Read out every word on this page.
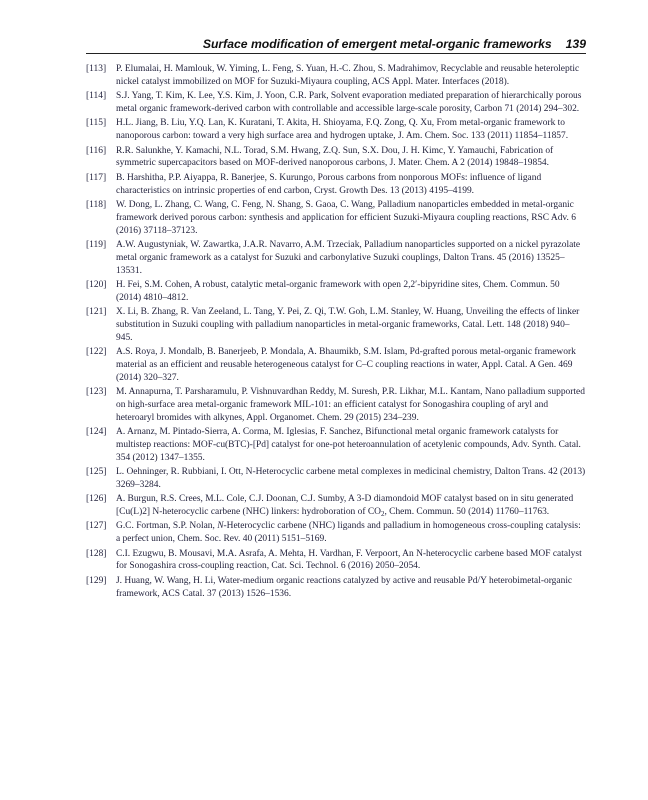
Surface modification of emergent metal-organic frameworks 139
[113] P. Elumalai, H. Mamlouk, W. Yiming, L. Feng, S. Yuan, H.-C. Zhou, S. Madrahimov, Recyclable and reusable heteroleptic nickel catalyst immobilized on MOF for Suzuki-Miyaura coupling, ACS Appl. Mater. Interfaces (2018).
[114] S.J. Yang, T. Kim, K. Lee, Y.S. Kim, J. Yoon, C.R. Park, Solvent evaporation mediated preparation of hierarchically porous metal organic framework-derived carbon with controllable and accessible large-scale porosity, Carbon 71 (2014) 294–302.
[115] H.L. Jiang, B. Liu, Y.Q. Lan, K. Kuratani, T. Akita, H. Shioyama, F.Q. Zong, Q. Xu, From metal-organic framework to nanoporous carbon: toward a very high surface area and hydrogen uptake, J. Am. Chem. Soc. 133 (2011) 11854–11857.
[116] R.R. Salunkhe, Y. Kamachi, N.L. Torad, S.M. Hwang, Z.Q. Sun, S.X. Dou, J. H. Kimc, Y. Yamauchi, Fabrication of symmetric supercapacitors based on MOF-derived nanoporous carbons, J. Mater. Chem. A 2 (2014) 19848–19854.
[117] B. Harshitha, P.P. Aiyappa, R. Banerjee, S. Kurungo, Porous carbons from nonporous MOFs: influence of ligand characteristics on intrinsic properties of end carbon, Cryst. Growth Des. 13 (2013) 4195–4199.
[118] W. Dong, L. Zhang, C. Wang, C. Feng, N. Shang, S. Gaoa, C. Wang, Palladium nanoparticles embedded in metal-organic framework derived porous carbon: synthesis and application for efficient Suzuki-Miyaura coupling reactions, RSC Adv. 6 (2016) 37118–37123.
[119] A.W. Augustyniak, W. Zawartka, J.A.R. Navarro, A.M. Trzeciak, Palladium nanoparticles supported on a nickel pyrazolate metal organic framework as a catalyst for Suzuki and carbonylative Suzuki couplings, Dalton Trans. 45 (2016) 13525–13531.
[120] H. Fei, S.M. Cohen, A robust, catalytic metal-organic framework with open 2,2′-bipyridine sites, Chem. Commun. 50 (2014) 4810–4812.
[121] X. Li, B. Zhang, R. Van Zeeland, L. Tang, Y. Pei, Z. Qi, T.W. Goh, L.M. Stanley, W. Huang, Unveiling the effects of linker substitution in Suzuki coupling with palladium nanoparticles in metal-organic frameworks, Catal. Lett. 148 (2018) 940–945.
[122] A.S. Roya, J. Mondalb, B. Banerjeeb, P. Mondala, A. Bhaumikb, S.M. Islam, Pd-grafted porous metal-organic framework material as an efficient and reusable heterogeneous catalyst for C–C coupling reactions in water, Appl. Catal. A Gen. 469 (2014) 320–327.
[123] M. Annapurna, T. Parsharamulu, P. Vishnuvardhan Reddy, M. Suresh, P.R. Likhar, M.L. Kantam, Nano palladium supported on high-surface area metal-organic framework MIL-101: an efficient catalyst for Sonogashira coupling of aryl and heteroaryl bromides with alkynes, Appl. Organomet. Chem. 29 (2015) 234–239.
[124] A. Arnanz, M. Pintado-Sierra, A. Corma, M. Iglesias, F. Sanchez, Bifunctional metal organic framework catalysts for multistep reactions: MOF-cu(BTC)-[Pd] catalyst for one-pot heteroannulation of acetylenic compounds, Adv. Synth. Catal. 354 (2012) 1347–1355.
[125] L. Oehninger, R. Rubbiani, I. Ott, N-Heterocyclic carbene metal complexes in medicinal chemistry, Dalton Trans. 42 (2013) 3269–3284.
[126] A. Burgun, R.S. Crees, M.L. Cole, C.J. Doonan, C.J. Sumby, A 3-D diamondoid MOF catalyst based on in situ generated [Cu(L)2] N-heterocyclic carbene (NHC) linkers: hydroboration of $CO_2$, Chem. Commun. 50 (2014) 11760–11763.
[127] G.C. Fortman, S.P. Nolan, N-Heterocyclic carbene (NHC) ligands and palladium in homogeneous cross-coupling catalysis: a perfect union, Chem. Soc. Rev. 40 (2011) 5151–5169.
[128] C.I. Ezugwu, B. Mousavi, M.A. Asrafa, A. Mehta, H. Vardhan, F. Verpoort, An N-heterocyclic carbene based MOF catalyst for Sonogashira cross-coupling reaction, Cat. Sci. Technol. 6 (2016) 2050–2054.
[129] J. Huang, W. Wang, H. Li, Water-medium organic reactions catalyzed by active and reusable Pd/Y heterobimetal-organic framework, ACS Catal. 37 (2013) 1526–1536.
